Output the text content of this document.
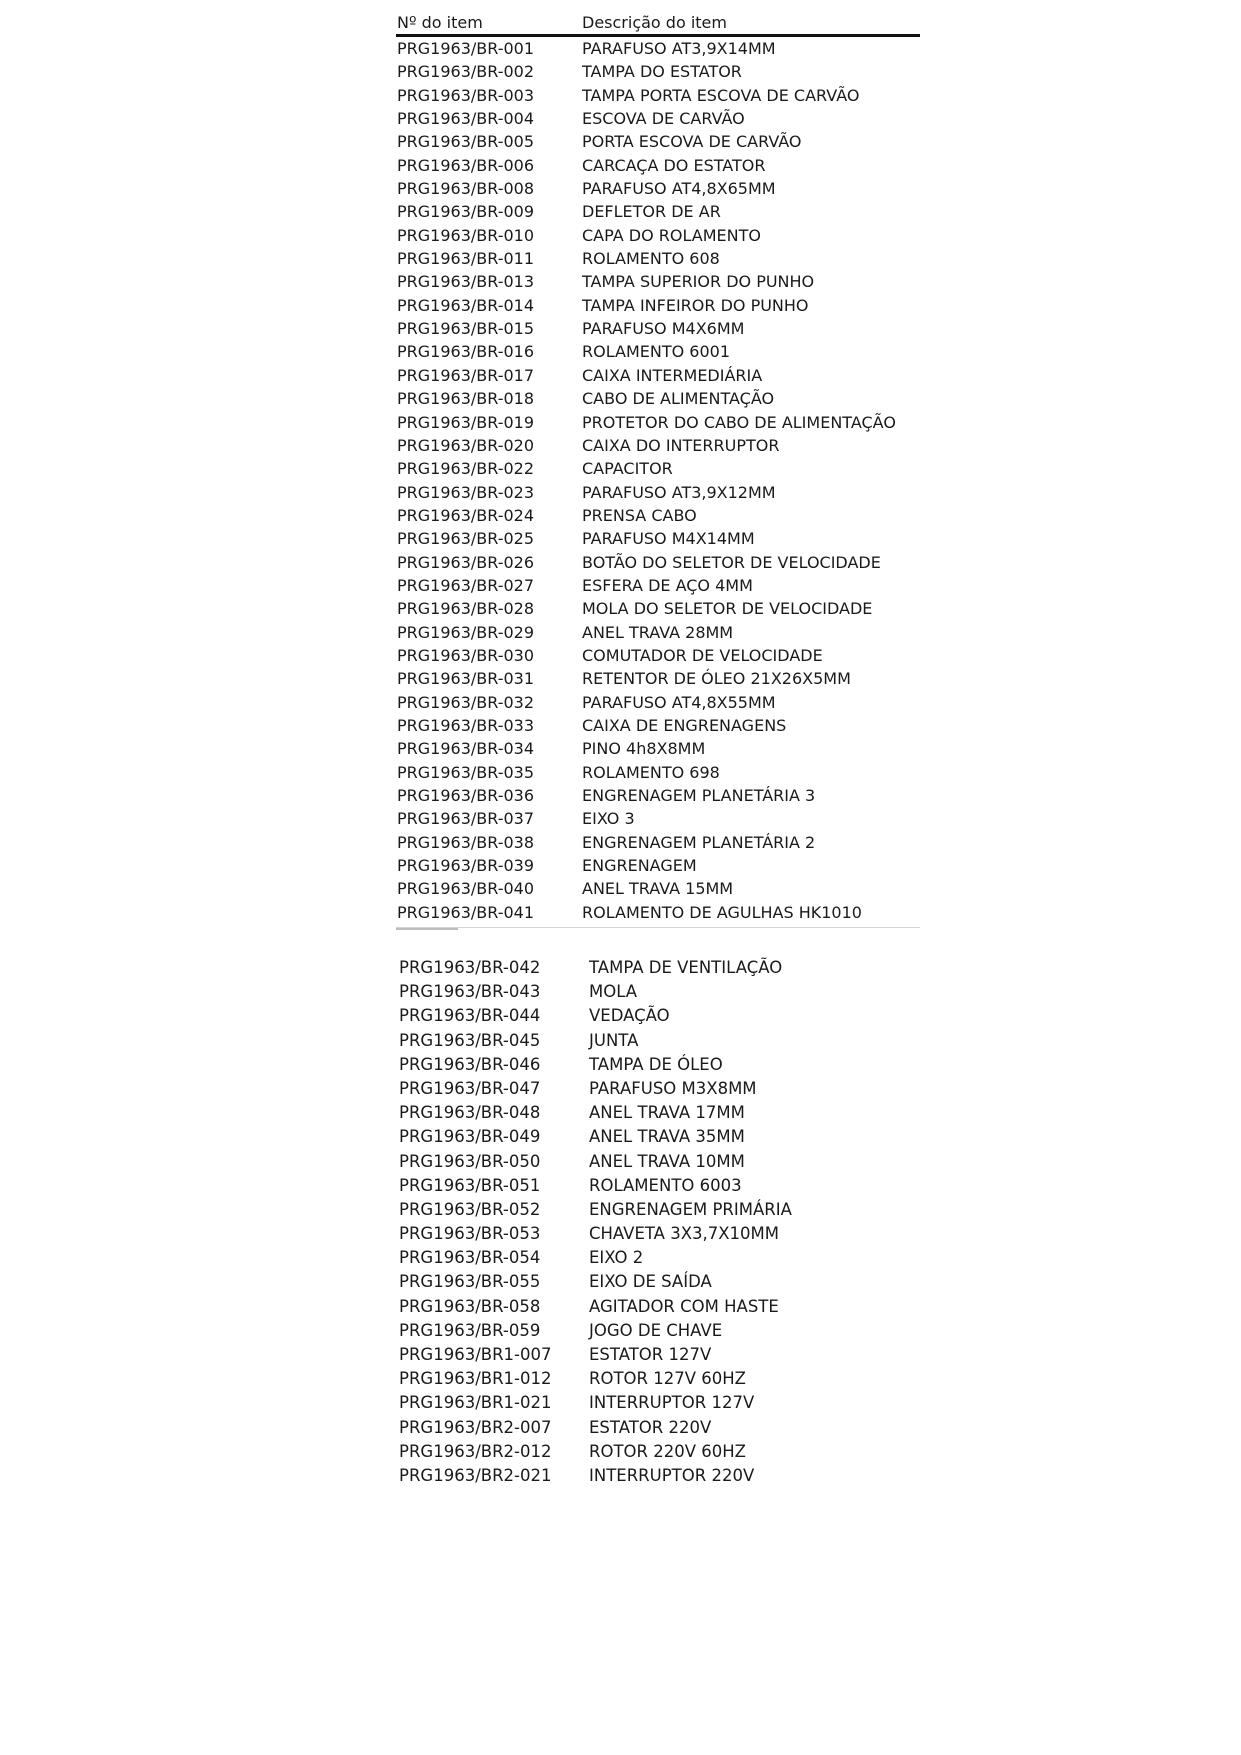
Nº do item	Descrição do item
PRG1963/BR-001	PARAFUSO AT3,9X14MM
PRG1963/BR-002	TAMPA DO ESTATOR
PRG1963/BR-003	TAMPA PORTA ESCOVA DE CARVÃO
PRG1963/BR-004	ESCOVA DE CARVÃO
PRG1963/BR-005	PORTA ESCOVA DE CARVÃO
PRG1963/BR-006	CARCAÇA DO ESTATOR
PRG1963/BR-008	PARAFUSO AT4,8X65MM
PRG1963/BR-009	DEFLETOR DE AR
PRG1963/BR-010	CAPA DO ROLAMENTO
PRG1963/BR-011	ROLAMENTO 608
PRG1963/BR-013	TAMPA SUPERIOR DO PUNHO
PRG1963/BR-014	TAMPA INFEIROR DO PUNHO
PRG1963/BR-015	PARAFUSO M4X6MM
PRG1963/BR-016	ROLAMENTO 6001
PRG1963/BR-017	CAIXA INTERMEDIÁRIA
PRG1963/BR-018	CABO DE ALIMENTAÇÃO
PRG1963/BR-019	PROTETOR DO CABO DE ALIMENTAÇÃO
PRG1963/BR-020	CAIXA DO INTERRUPTOR
PRG1963/BR-022	CAPACITOR
PRG1963/BR-023	PARAFUSO AT3,9X12MM
PRG1963/BR-024	PRENSA CABO
PRG1963/BR-025	PARAFUSO M4X14MM
PRG1963/BR-026	BOTÃO DO SELETOR DE VELOCIDADE
PRG1963/BR-027	ESFERA DE AÇO 4MM
PRG1963/BR-028	MOLA DO SELETOR DE VELOCIDADE
PRG1963/BR-029	ANEL TRAVA 28MM
PRG1963/BR-030	COMUTADOR DE VELOCIDADE
PRG1963/BR-031	RETENTOR DE ÓLEO 21X26X5MM
PRG1963/BR-032	PARAFUSO AT4,8X55MM
PRG1963/BR-033	CAIXA DE ENGRENAGENS
PRG1963/BR-034	PINO 4h8X8MM
PRG1963/BR-035	ROLAMENTO 698
PRG1963/BR-036	ENGRENAGEM PLANETÁRIA 3
PRG1963/BR-037	EIXO 3
PRG1963/BR-038	ENGRENAGEM PLANETÁRIA 2
PRG1963/BR-039	ENGRENAGEM
PRG1963/BR-040	ANEL TRAVA 15MM
PRG1963/BR-041	ROLAMENTO DE AGULHAS HK1010
PRG1963/BR-042	TAMPA DE VENTILAÇÃO
PRG1963/BR-043	MOLA
PRG1963/BR-044	VEDAÇÃO
PRG1963/BR-045	JUNTA
PRG1963/BR-046	TAMPA DE ÓLEO
PRG1963/BR-047	PARAFUSO M3X8MM
PRG1963/BR-048	ANEL TRAVA 17MM
PRG1963/BR-049	ANEL TRAVA 35MM
PRG1963/BR-050	ANEL TRAVA 10MM
PRG1963/BR-051	ROLAMENTO 6003
PRG1963/BR-052	ENGRENAGEM PRIMÁRIA
PRG1963/BR-053	CHAVETA 3X3,7X10MM
PRG1963/BR-054	EIXO 2
PRG1963/BR-055	EIXO DE SAÍDA
PRG1963/BR-058	AGITADOR COM HASTE
PRG1963/BR-059	JOGO DE CHAVE
PRG1963/BR1-007 ESTATOR 127V
PRG1963/BR1-012 ROTOR 127V 60HZ
PRG1963/BR1-021 INTERRUPTOR 127V
PRG1963/BR2-007 ESTATOR 220V
PRG1963/BR2-012 ROTOR 220V 60HZ
PRG1963/BR2-021 INTERRUPTOR 220V
